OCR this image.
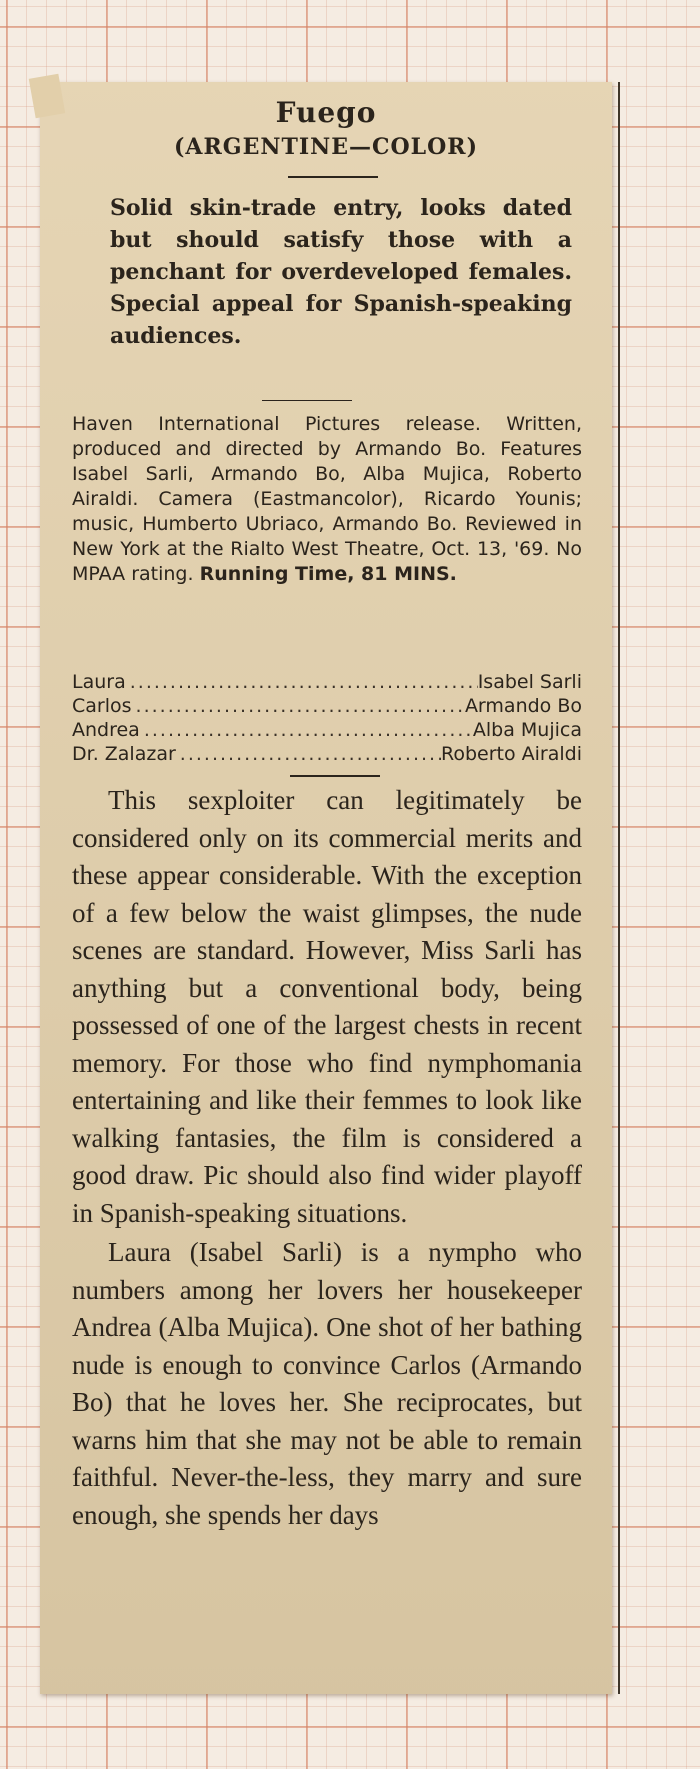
Fuego
(ARGENTINE—COLOR)
Solid skin-trade entry, looks dated but should satisfy those with a penchant for overdeveloped females. Special appeal for Spanish-speaking audiences.
Haven International Pictures release. Written, produced and directed by Armando Bo. Features Isabel Sarli, Armando Bo, Alba Mujica, Roberto Airaldi. Camera (Eastmancolor), Ricardo Younis; music, Humberto Ubriaco, Armando Bo. Reviewed in New York at the Rialto West Theatre, Oct. 13, '69. No MPAA rating. Running Time, 81 MINS.
Laura .....	Isabel Sarli
Carlos .....	Armando Bo
Andrea .....	Alba Mujica
Dr. Zalazar .....	Roberto Airaldi

This sexploiter can legitimately be considered only on its commercial merits and these appear considerable. With the exception of a few below the waist glimpses, the nude scenes are standard. However, Miss Sarli has anything but a conventional body, being possessed of one of the largest chests in recent memory. For those who find nymphomania entertaining and like their femmes to look like walking fantasies, the film is considered a good draw. Pic should also find wider playoff in Spanish-speaking situations.

Laura (Isabel Sarli) is a nympho who numbers among her lovers her housekeeper Andrea (Alba Mujica). One shot of her bathing nude is enough to convince Carlos (Armando Bo) that he loves her. She reciprocates, but warns him that she may not be able to remain faithful. Never-the-less, they marry and sure enough, she spends her days
